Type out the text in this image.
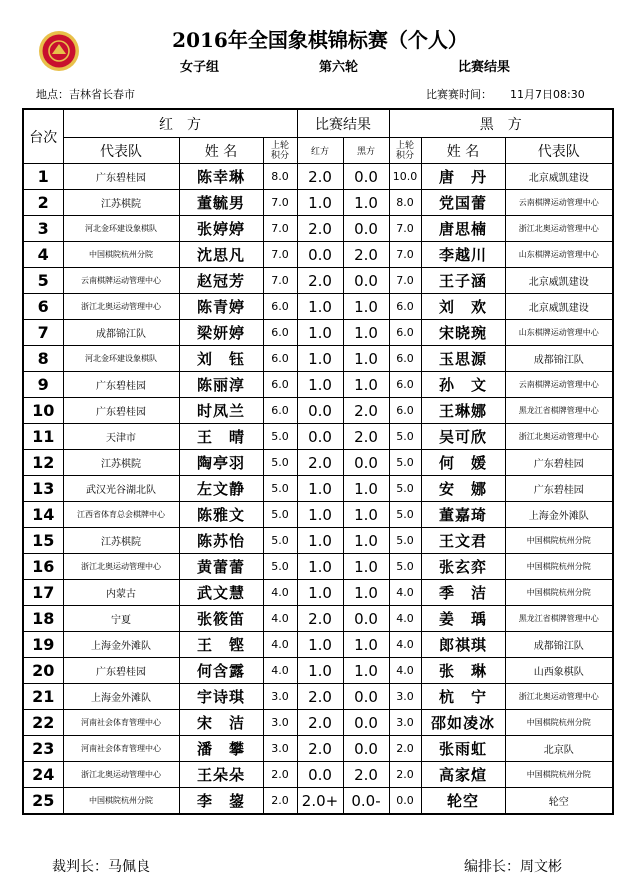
2016年全国象棋锦标赛（个人）
女子组	第六轮	比赛结果
地点：吉林省长春市	比赛赛时间： 11月7日08:30
台次	红　方			比赛结果		黑　方		
	代表队	姓 名	上轮
积分	红方	黑方	上轮
积分	姓 名	代表队
1	广东碧桂园	陈幸琳	8.0	2.0	0.0	10.0	唐　丹	北京威凯建设
2	江苏棋院	董毓男	7.0	1.0	1.0	8.0	党国蕾	云南棋牌运动管理中心
3	河北金环建设象棋队	张婷婷	7.0	2.0	0.0	7.0	唐思楠	浙江北奥运动管理中心
4	中国棋院杭州分院	沈思凡	7.0	0.0	2.0	7.0	李越川	山东棋牌运动管理中心
5	云南棋牌运动管理中心	赵冠芳	7.0	2.0	0.0	7.0	王子涵	北京威凯建设
6	浙江北奥运动管理中心	陈青婷	6.0	1.0	1.0	6.0	刘　欢	北京威凯建设
7	成都锦江队	梁妍婷	6.0	1.0	1.0	6.0	宋晓琬	山东棋牌运动管理中心
8	河北金环建设象棋队	刘　钰	6.0	1.0	1.0	6.0	玉思源	成都锦江队
9	广东碧桂园	陈丽淳	6.0	1.0	1.0	6.0	孙　文	云南棋牌运动管理中心
10	广东碧桂园	时凤兰	6.0	0.0	2.0	6.0	王琳娜	黑龙江省棋牌管理中心
11	天津市	王　晴	5.0	0.0	2.0	5.0	吴可欣	浙江北奥运动管理中心
12	江苏棋院	陶亭羽	5.0	2.0	0.0	5.0	何　媛	广东碧桂园
13	武汉光谷湖北队	左文静	5.0	1.0	1.0	5.0	安　娜	广东碧桂园
14	江西省体育总会棋牌中心	陈雅文	5.0	1.0	1.0	5.0	董嘉琦	上海金外滩队
15	江苏棋院	陈苏怡	5.0	1.0	1.0	5.0	王文君	中国棋院杭州分院
16	浙江北奥运动管理中心	黄蕾蕾	5.0	1.0	1.0	5.0	张玄弈	中国棋院杭州分院
17	内蒙古	武文慧	4.0	1.0	1.0	4.0	季　洁	中国棋院杭州分院
18	宁夏	张筱笛	4.0	2.0	0.0	4.0	姜　瑀	黑龙江省棋牌管理中心
19	上海金外滩队	王　铿	4.0	1.0	1.0	4.0	郎祺琪	成都锦江队
20	广东碧桂园	何含露	4.0	1.0	1.0	4.0	张　琳	山西象棋队
21	上海金外滩队	宇诗琪	3.0	2.0	0.0	3.0	杭　宁	浙江北奥运动管理中心
22	河南社会体育管理中心	宋　洁	3.0	2.0	0.0	3.0	邵如凌冰	中国棋院杭州分院
23	河南社会体育管理中心	潘　攀	3.0	2.0	0.0	2.0	张雨虹	北京队
24	浙江北奥运动管理中心	王朵朵	2.0	0.0	2.0	2.0	高家煊	中国棋院杭州分院
25	中国棋院杭州分院	李　鋆	2.0	2.0+	0.0-	0.0	轮空	轮空
裁判长：马佩良	编排长：周文彬
